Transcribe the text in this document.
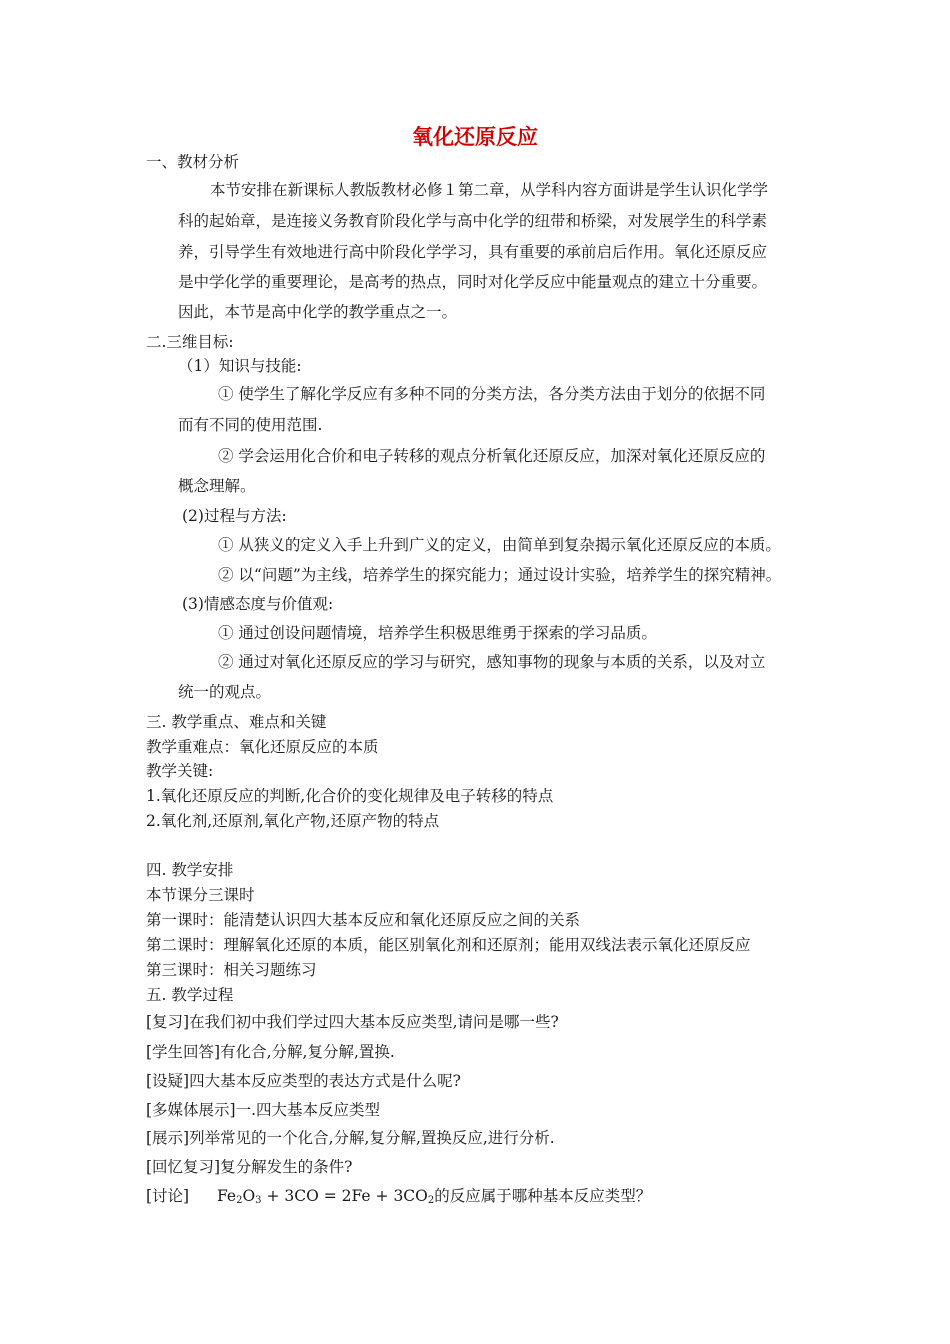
氧化还原反应
一、教材分析
本节安排在新课标人教版教材必修１第二章，从学科内容方面讲是学生认识化学学
科的起始章，是连接义务教育阶段化学与高中化学的纽带和桥梁，对发展学生的科学素
养，引导学生有效地进行高中阶段化学学习，具有重要的承前启后作用。氧化还原反应
是中学化学的重要理论，是高考的热点，同时对化学反应中能量观点的建立十分重要。
因此，本节是高中化学的教学重点之一。
二.三维目标:
（1）知识与技能:
① 使学生了解化学反应有多种不同的分类方法，各分类方法由于划分的依据不同
而有不同的使用范围.
② 学会运用化合价和电子转移的观点分析氧化还原反应，加深对氧化还原反应的
概念理解。
(2)过程与方法:
① 从狭义的定义入手上升到广义的定义，由简单到复杂揭示氧化还原反应的本质。
② 以“问题”为主线，培养学生的探究能力；通过设计实验，培养学生的探究精神。
(3)情感态度与价值观:
① 通过创设问题情境，培养学生积极思维勇于探索的学习品质。
② 通过对氧化还原反应的学习与研究，感知事物的现象与本质的关系，以及对立
统一的观点。
三. 教学重点、难点和关键
教学重难点：氧化还原反应的本质
教学关键:
1.氧化还原反应的判断,化合价的变化规律及电子转移的特点
2.氧化剂,还原剂,氧化产物,还原产物的特点
四. 教学安排
本节课分三课时
第一课时：能清楚认识四大基本反应和氧化还原反应之间的关系
第二课时：理解氧化还原的本质，能区别氧化剂和还原剂；能用双线法表示氧化还原反应
第三课时：相关习题练习
五. 教学过程
[复习]在我们初中我们学过四大基本反应类型,请问是哪一些?
[学生回答]有化合,分解,复分解,置换.
[设疑]四大基本反应类型的表达方式是什么呢?
[多媒体展示]一.四大基本反应类型
[展示]列举常见的一个化合,分解,复分解,置换反应,进行分析.
[回忆复习]复分解发生的条件?
[讨论] $Fe_2O_3 + 3CO = 2Fe + 3CO_2$的反应属于哪种基本反应类型？
